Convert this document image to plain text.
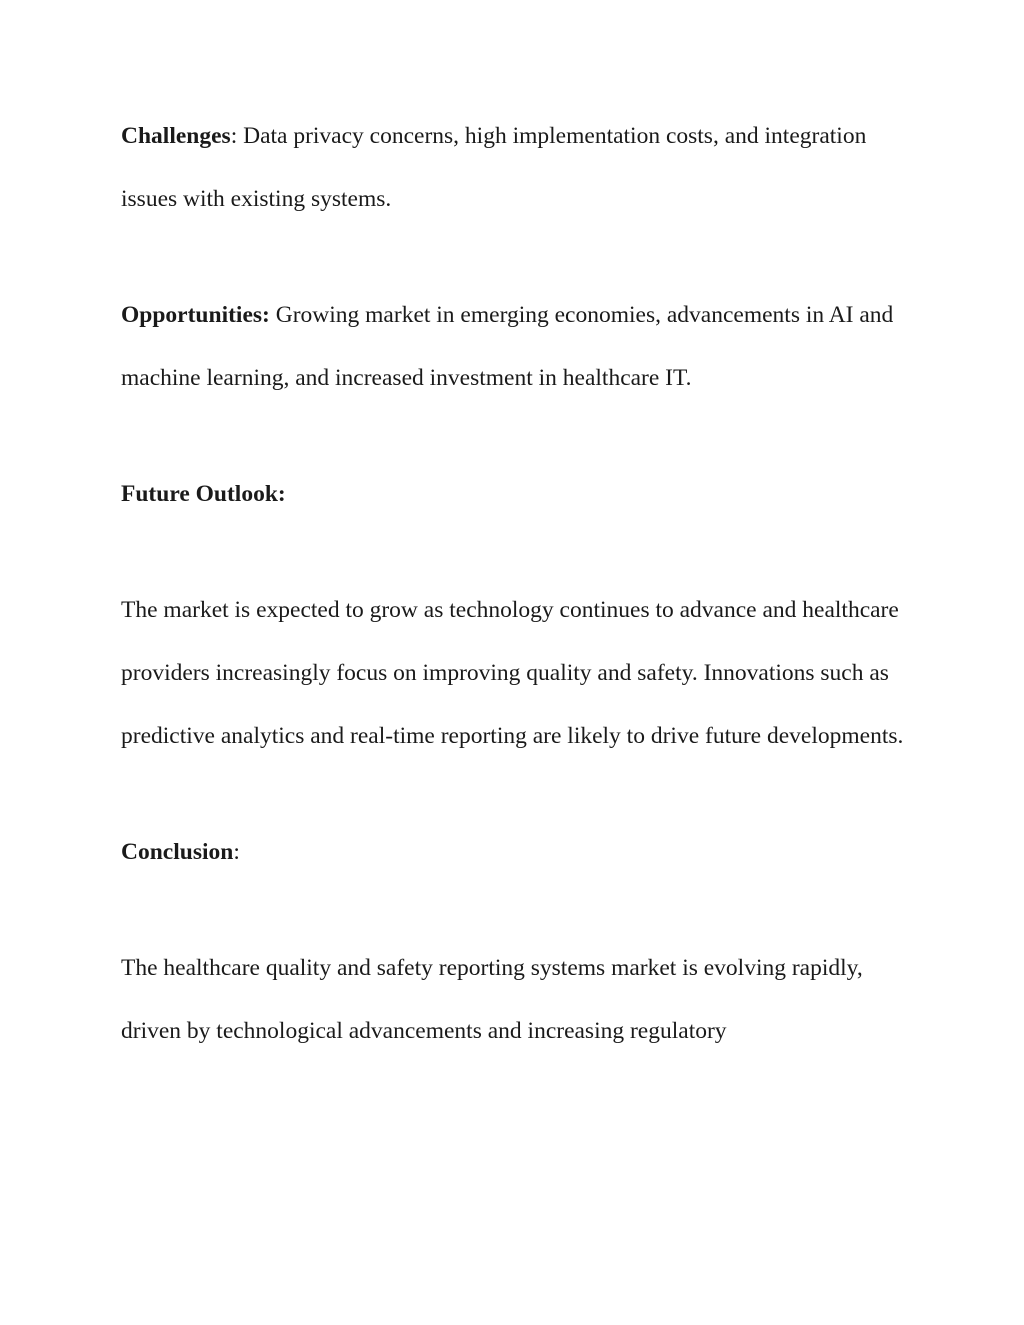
Challenges: Data privacy concerns, high implementation costs, and integration issues with existing systems.

Opportunities: Growing market in emerging economies, advancements in AI and machine learning, and increased investment in healthcare IT.

Future Outlook:

The market is expected to grow as technology continues to advance and healthcare providers increasingly focus on improving quality and safety. Innovations such as predictive analytics and real-time reporting are likely to drive future developments.

Conclusion:

The healthcare quality and safety reporting systems market is evolving rapidly, driven by technological advancements and increasing regulatory
